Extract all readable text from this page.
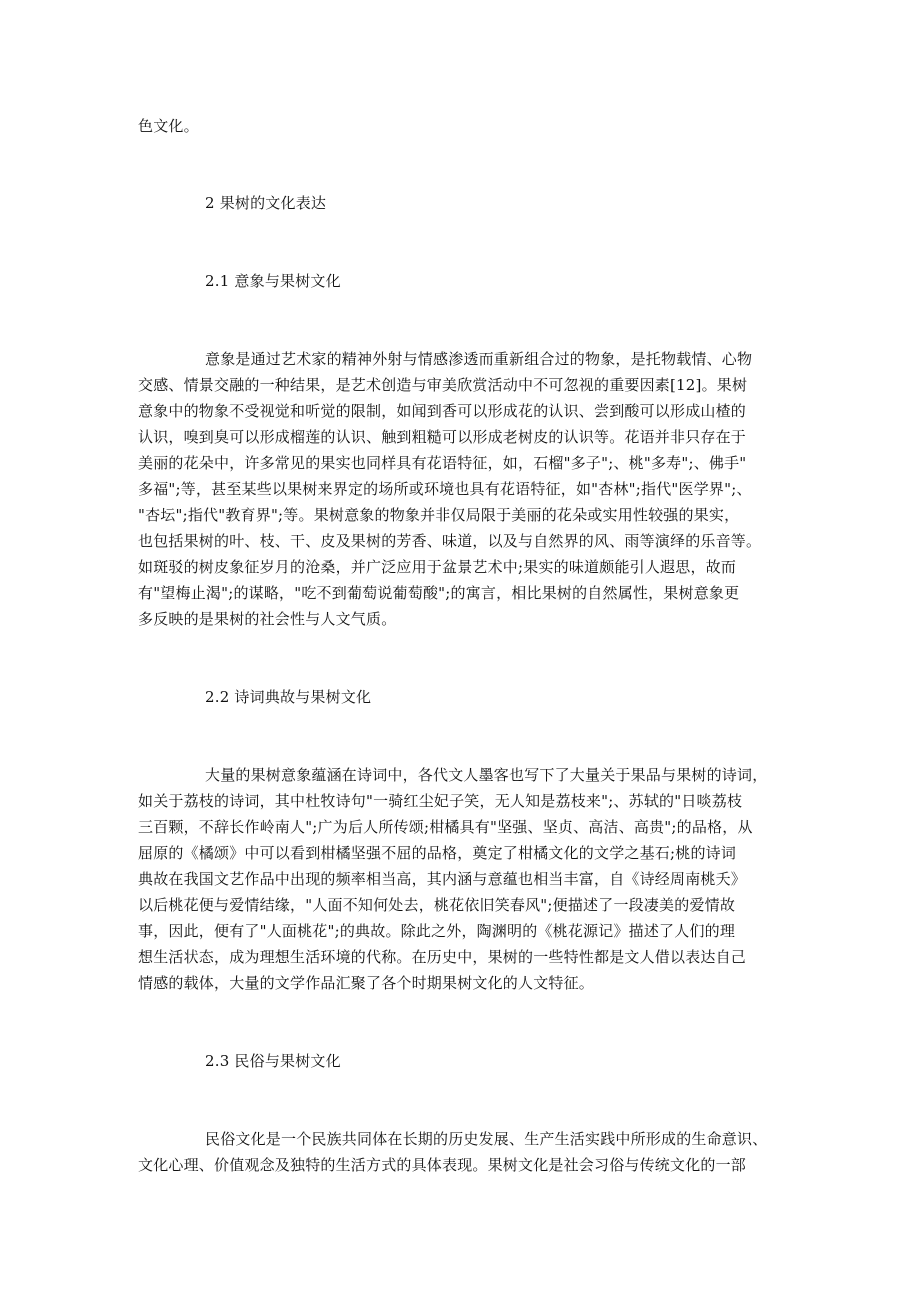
色文化。
2 果树的文化表达
2.1 意象与果树文化
意象是通过艺术家的精神外射与情感渗透而重新组合过的物象，是托物载情、心物
交感、情景交融的一种结果，是艺术创造与审美欣赏活动中不可忽视的重要因素[12]。果树
意象中的物象不受视觉和听觉的限制，如闻到香可以形成花的认识、尝到酸可以形成山楂的
认识，嗅到臭可以形成榴莲的认识、触到粗糙可以形成老树皮的认识等。花语并非只存在于
美丽的花朵中，许多常见的果实也同样具有花语特征，如，石榴"多子";、桃"多寿";、佛手"
多福";等，甚至某些以果树来界定的场所或环境也具有花语特征，如"杏林";指代"医学界";、
"杏坛";指代"教育界";等。果树意象的物象并非仅局限于美丽的花朵或实用性较强的果实，
也包括果树的叶、枝、干、皮及果树的芳香、味道，以及与自然界的风、雨等演绎的乐音等。
如斑驳的树皮象征岁月的沧桑，并广泛应用于盆景艺术中;果实的味道颇能引人遐思，故而
有"望梅止渴";的谋略，"吃不到葡萄说葡萄酸";的寓言，相比果树的自然属性，果树意象更
多反映的是果树的社会性与人文气质。
2.2 诗词典故与果树文化
大量的果树意象蕴涵在诗词中，各代文人墨客也写下了大量关于果品与果树的诗词，
如关于荔枝的诗词，其中杜牧诗句"一骑红尘妃子笑，无人知是荔枝来";、苏轼的"日啖荔枝
三百颗，不辞长作岭南人";广为后人所传颂;柑橘具有"坚强、坚贞、高洁、高贵";的品格，从
屈原的《橘颂》中可以看到柑橘坚强不屈的品格，奠定了柑橘文化的文学之基石;桃的诗词
典故在我国文艺作品中出现的频率相当高，其内涵与意蕴也相当丰富，自《诗经周南桃夭》
以后桃花便与爱情结缘，"人面不知何处去，桃花依旧笑春风";便描述了一段凄美的爱情故
事，因此，便有了"人面桃花";的典故。除此之外，陶渊明的《桃花源记》描述了人们的理
想生活状态，成为理想生活环境的代称。在历史中，果树的一些特性都是文人借以表达自己
情感的载体，大量的文学作品汇聚了各个时期果树文化的人文特征。
2.3 民俗与果树文化
民俗文化是一个民族共同体在长期的历史发展、生产生活实践中所形成的生命意识、
文化心理、价值观念及独特的生活方式的具体表现。果树文化是社会习俗与传统文化的一部
